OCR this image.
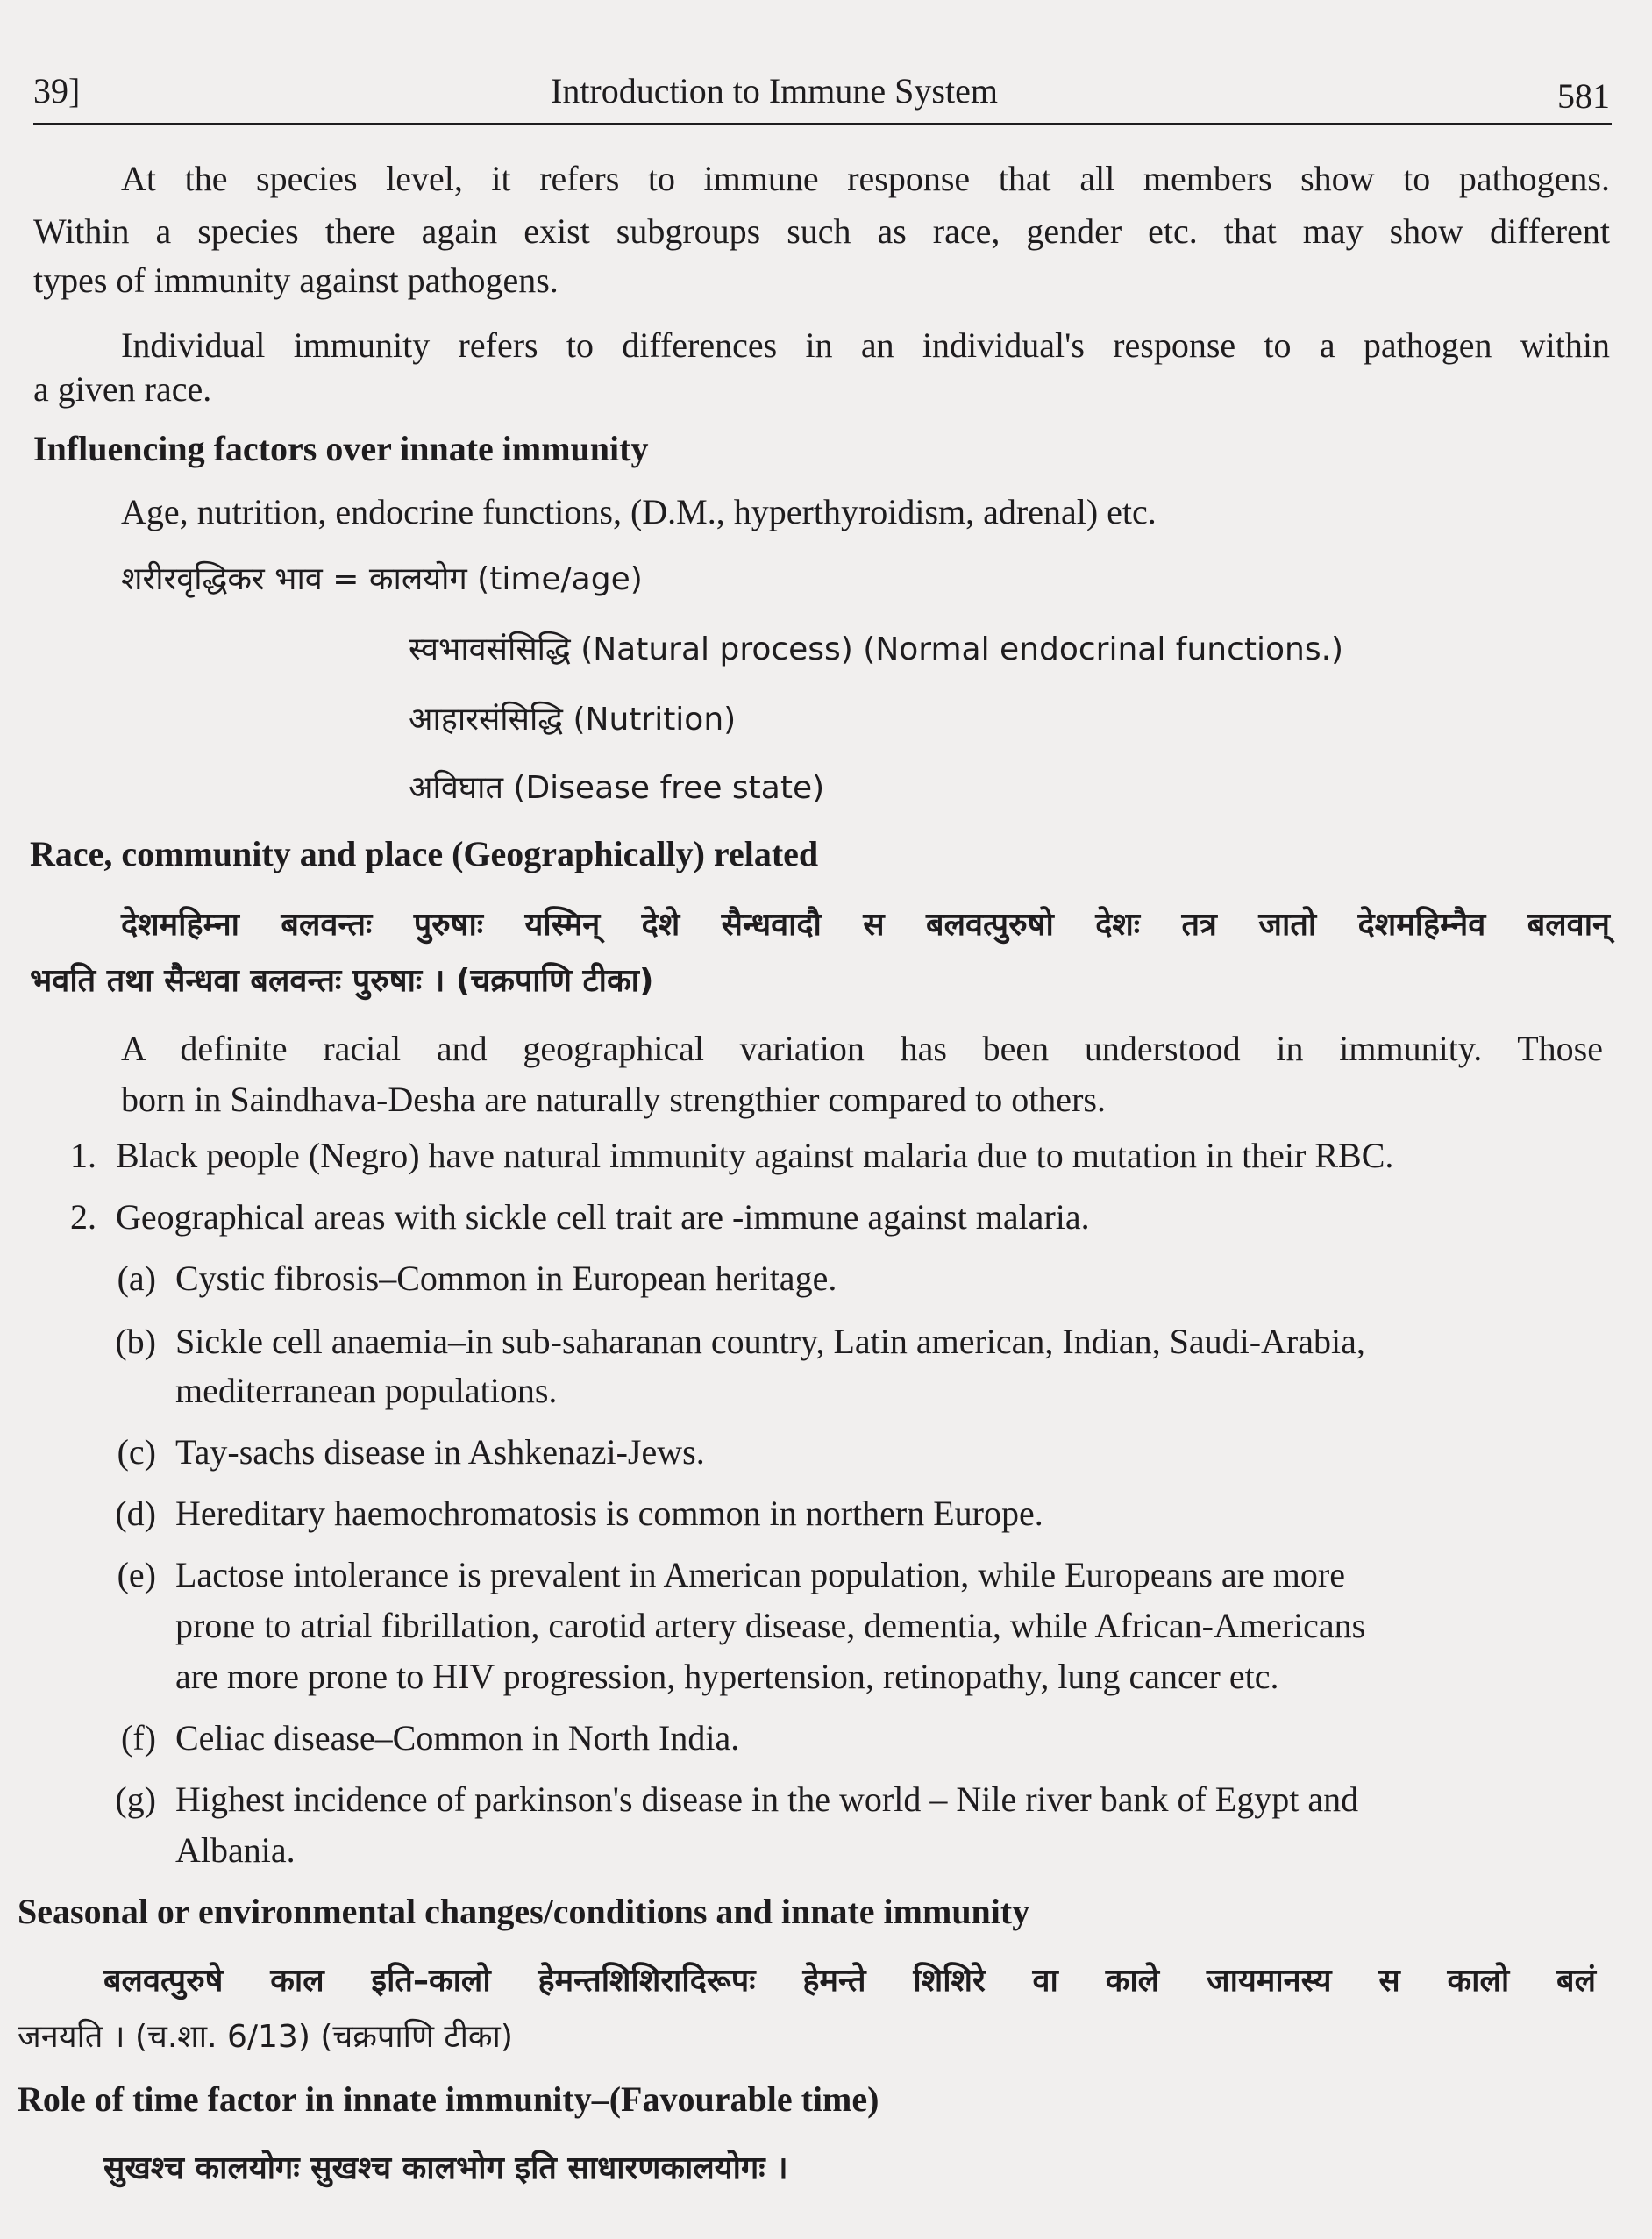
39]	Introduction to Immune System	581
At the species level, it refers to immune response that all members show to pathogens.
Within a species there again exist subgroups such as race, gender etc. that may show different
types of immunity against pathogens.
Individual immunity refers to differences in an individual's response to a pathogen within
a given race.
Influencing factors over innate immunity
Age, nutrition, endocrine functions, (D.M., hyperthyroidism, adrenal) etc.
शरीरवृद्धिकर भाव = कालयोग (time/age)
स्वभावसंसिद्धि (Natural process) (Normal endocrinal functions.)
आहारसंसिद्धि (Nutrition)
अविघात (Disease free state)
Race, community and place (Geographically) related
देशमहिम्ना बलवन्तः पुरुषाः यस्मिन् देशे सैन्धवादौ स बलवत्पुरुषो देशः तत्र जातो देशमहिम्नैव बलवान्
भवति तथा सैन्धवा बलवन्तः पुरुषाः । (चक्रपाणि टीका)
A definite racial and geographical variation has been understood in immunity. Those
born in Saindhava-Desha are naturally strengthier compared to others.
1. Black people (Negro) have natural immunity against malaria due to mutation in their RBC.
2. Geographical areas with sickle cell trait are -immune against malaria.
(a) Cystic fibrosis–Common in European heritage.
(b) Sickle cell anaemia–in sub-saharanan country, Latin american, Indian, Saudi-Arabia,
mediterranean populations.
(c) Tay-sachs disease in Ashkenazi-Jews.
(d) Hereditary haemochromatosis is common in northern Europe.
(e) Lactose intolerance is prevalent in American population, while Europeans are more
prone to atrial fibrillation, carotid artery disease, dementia, while African-Americans
are more prone to HIV progression, hypertension, retinopathy, lung cancer etc.
(f) Celiac disease–Common in North India.
(g) Highest incidence of parkinson's disease in the world – Nile river bank of Egypt and
Albania.
Seasonal or environmental changes/conditions and innate immunity
बलवत्पुरुषे काल इति–कालो हेमन्तशिशिरादिरूपः हेमन्ते शिशिरे वा काले जायमानस्य स कालो बलं
जनयति । (च.शा. 6/13) (चक्रपाणि टीका)
Role of time factor in innate immunity–(Favourable time)
सुखश्च कालयोगः सुखश्च कालभोग इति साधारणकालयोगः ।
